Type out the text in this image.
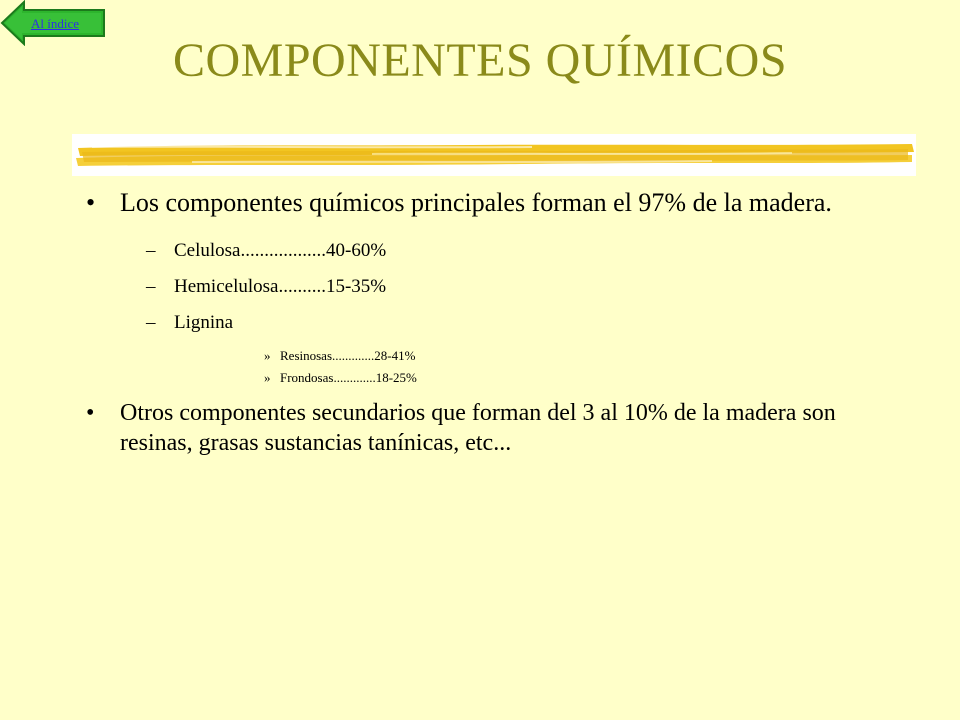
Al índice
COMPONENTES QUÍMICOS
• Los componentes químicos principales forman el 97% de la madera.
– Celulosa..................40-60%
– Hemicelulosa..........15-35%
– Lignina
» Resinosas.............28-41%
» Frondosas.............18-25%
• Otros componentes secundarios que forman del 3 al 10% de la madera son resinas, grasas sustancias tanínicas, etc...
